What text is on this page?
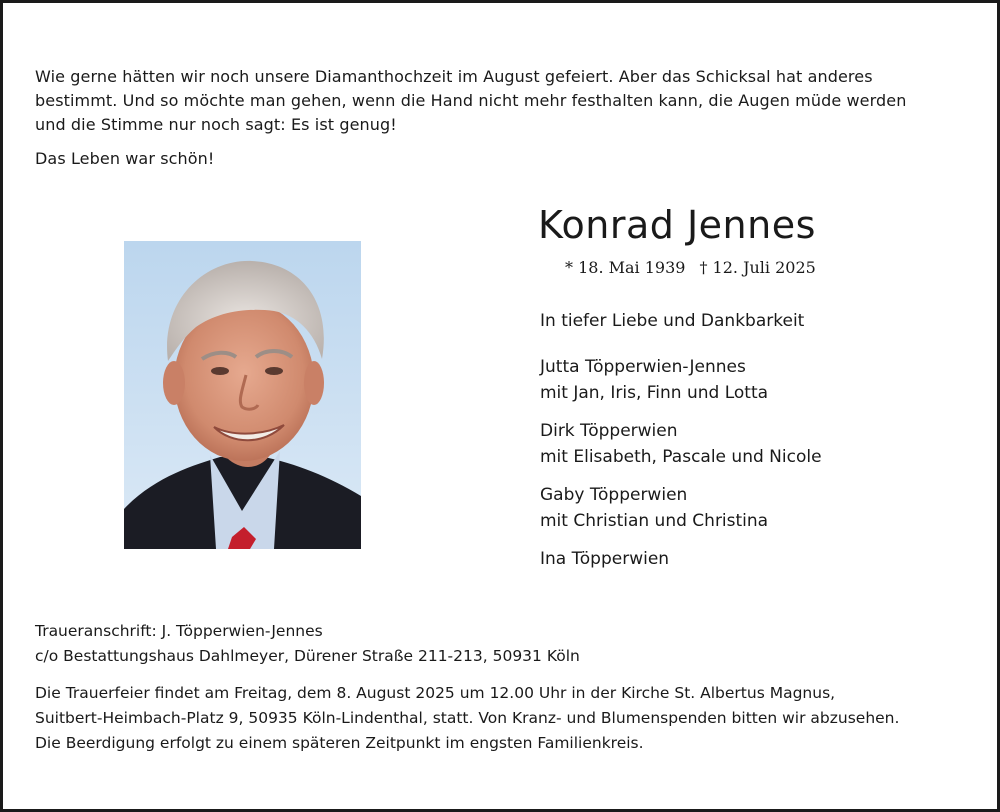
Wie gerne hätten wir noch unsere Diamanthochzeit im August gefeiert. Aber das Schicksal hat anderes
bestimmt. Und so möchte man gehen, wenn die Hand nicht mehr festhalten kann, die Augen müde werden
und die Stimme nur noch sagt: Es ist genug!

Das Leben war schön!

Konrad Jennes
* 18. Mai 1939 † 12. Juli 2025

In tiefer Liebe und Dankbarkeit

Jutta Töpperwien-Jennes
mit Jan, Iris, Finn und Lotta
Dirk Töpperwien
mit Elisabeth, Pascale und Nicole
Gaby Töpperwien
mit Christian und Christina
Ina Töpperwien
Traueranschrift: J. Töpperwien-Jennes
c/o Bestattungshaus Dahlmeyer, Dürener Straße 211-213, 50931 Köln
Die Trauerfeier findet am Freitag, dem 8. August 2025 um 12.00 Uhr in der Kirche St. Albertus Magnus,
Suitbert-Heimbach-Platz 9, 50935 Köln-Lindenthal, statt. Von Kranz- und Blumenspenden bitten wir abzusehen.
Die Beerdigung erfolgt zu einem späteren Zeitpunkt im engsten Familienkreis.
